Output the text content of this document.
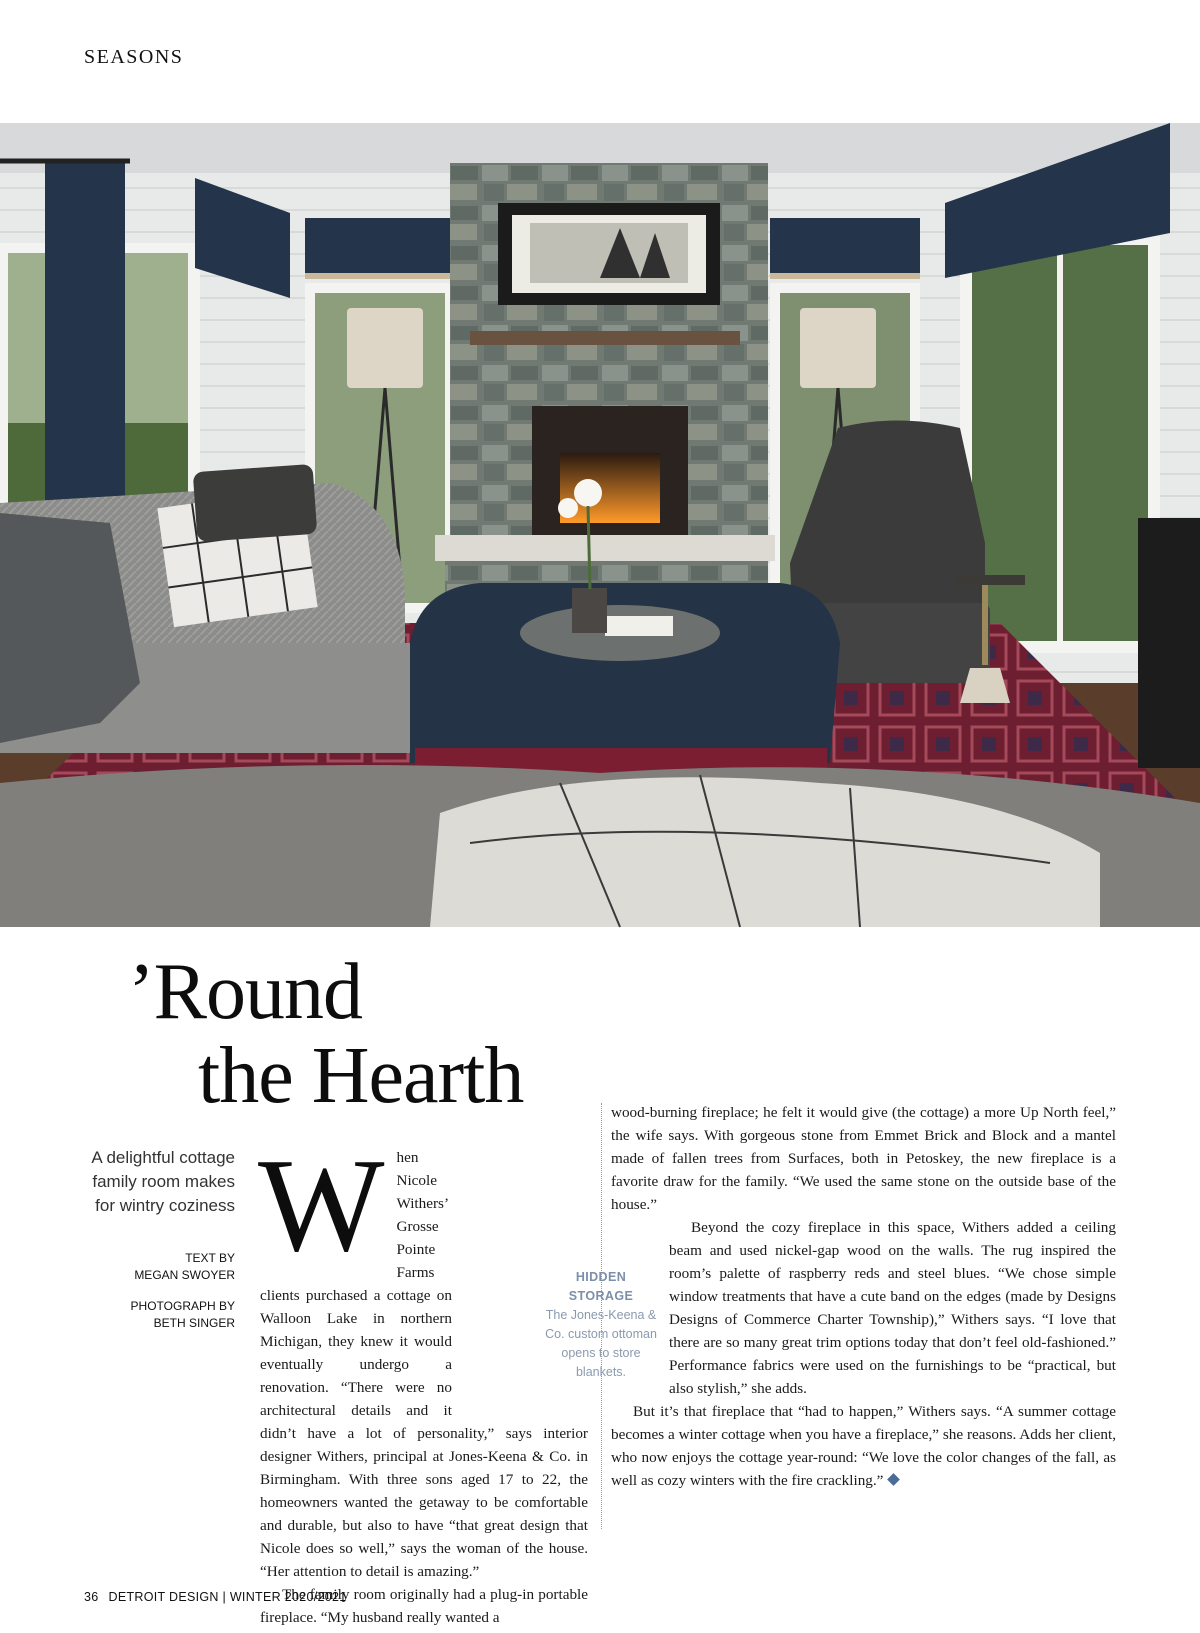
SEASONS
’Round
the Hearth
A delightful cottage family room makes for wintry coziness
TEXT BY
MEGAN SWOYER
PHOTOGRAPH BY
BETH SINGER
W hen Nicole Withers’ Grosse Pointe Farms clients purchased a cottage on Walloon Lake in northern Michigan, they knew it would eventually undergo a renovation. “There were no architectural details and it didn’t have a lot of personality,” says interior designer Withers, principal at Jones-Keena & Co. in Birmingham. With three sons aged 17 to 22, the homeowners wanted the getaway to be comfortable and durable, but also to have “that great design that Nicole does so well,” says the woman of the house. “Her attention to detail is amazing.”

The family room originally had a plug-in portable fireplace. “My husband really wanted a

HIDDEN
STORAGE
The Jones-Keena & Co. custom ottoman opens to store blankets.

wood-burning fireplace; he felt it would give (the cottage) a more Up North feel,” the wife says. With gorgeous stone from Emmet Brick and Block and a mantel made of fallen trees from Surfaces, both in Petoskey, the new fireplace is a favorite draw for the family. “We used the same stone on the outside base of the house.”

Beyond the cozy fireplace in this space, Withers added a ceiling beam and used nickel-gap wood on the walls. The rug inspired the room’s palette of raspberry reds and steel blues. “We chose simple window treatments that have a cute band on the edges (made by Designs Designs of Commerce Charter Township),” Withers says. “I love that there are so many great trim options today that don’t feel old-fashioned.” Performance fabrics were used on the furnishings to be “practical, but also stylish,” she adds.

But it’s that fireplace that “had to happen,” Withers says. “A summer cottage becomes a winter cottage when you have a fireplace,” she reasons. Adds her client, who now enjoys the cottage year-round: “We love the color changes of the fall, as well as cozy winters with the fire crackling.”

36 DETROIT DESIGN | WINTER 2020/2021
